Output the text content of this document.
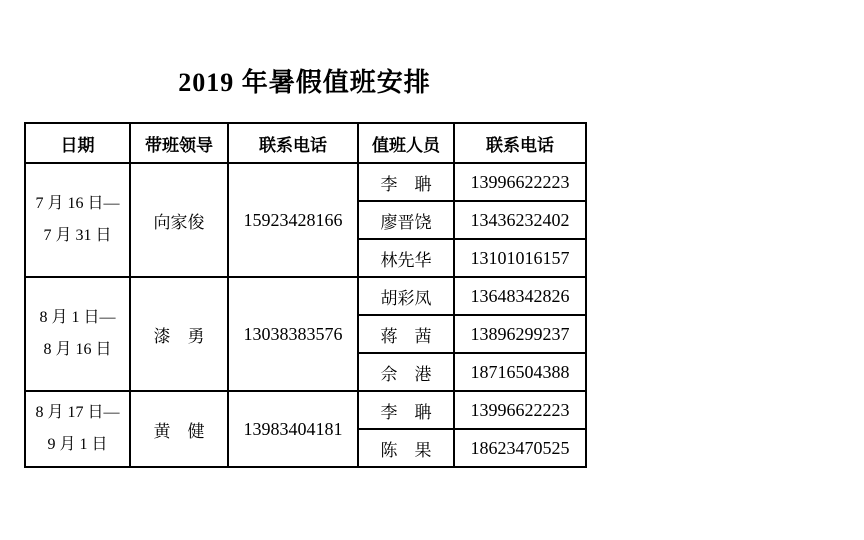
2019 年暑假值班安排
日期	带班领导	联系电话	值班人员	联系电话

7 月 16 日—
7 月 31 日	向家俊	15923428166	李　聃	13996622223
			廖晋饶	13436232402
			林先华	13101016157

8 月 1 日—
8 月 16 日	漆　勇	13038383576	胡彩凤	13648342826
			蒋　茜	13896299237
			佘　港	18716504388

8 月 17 日—
9 月 1 日	黄　健	13983404181	李　聃	13996622223
			陈　果	18623470525
